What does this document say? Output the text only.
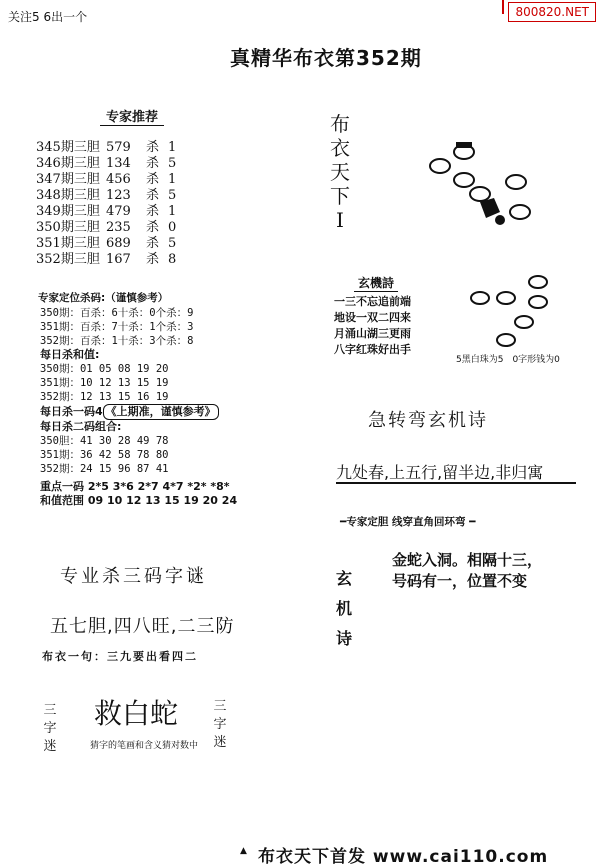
关注5 6出一个	800820.NET
真精华布衣第352期
专家推荐
345期三胆 579	杀 1
346期三胆 134	杀 5
347期三胆 456	杀 1
348期三胆 123	杀 5
349期三胆 479	杀 1
350期三胆 235	杀 0
351期三胆 689	杀 5
352期三胆 167	杀 8
专家定位杀码:（谨慎参考）
350期：百杀：6十杀：0个杀：9
351期：百杀：7十杀：1个杀：3
352期：百杀：1十杀：3个杀：8
每日杀和值:
350期：01 05 08 19 20
351期：10 12 13 15 19
352期：12 13 15 16 19
每日杀一码4 《上期准，谨慎参考》
每日杀二码组合:
350胆：41 30 28 49 78
351期：36 42 58 78 80
352期：24 15 96 87 41
重点一码 2*5 3*6 2*7 4*7 *2* *8*
和值范围 09 10 12 13 15 19 20 24
专业杀三码字谜
五七胆,四八旺,二三防
布衣一句：三九要出看四二
三字迷
救白蛇
猜字的笔画和含义猜对数中
三字迷
布衣天下I
玄機詩
一三不忘追前端
地设一双二四来
月涌山湖三更雨
八字红珠好出手
5黑白珠为5　0字形钱为0
急转弯玄机诗
九处春,上五行,留半边,非归寓
━专家定胆 线穿直角回环弯 ━
玄机诗
金蛇入洞。相隔十三，
号码有一，位置不变
▲ 布衣天下首发 www.cai110.com
